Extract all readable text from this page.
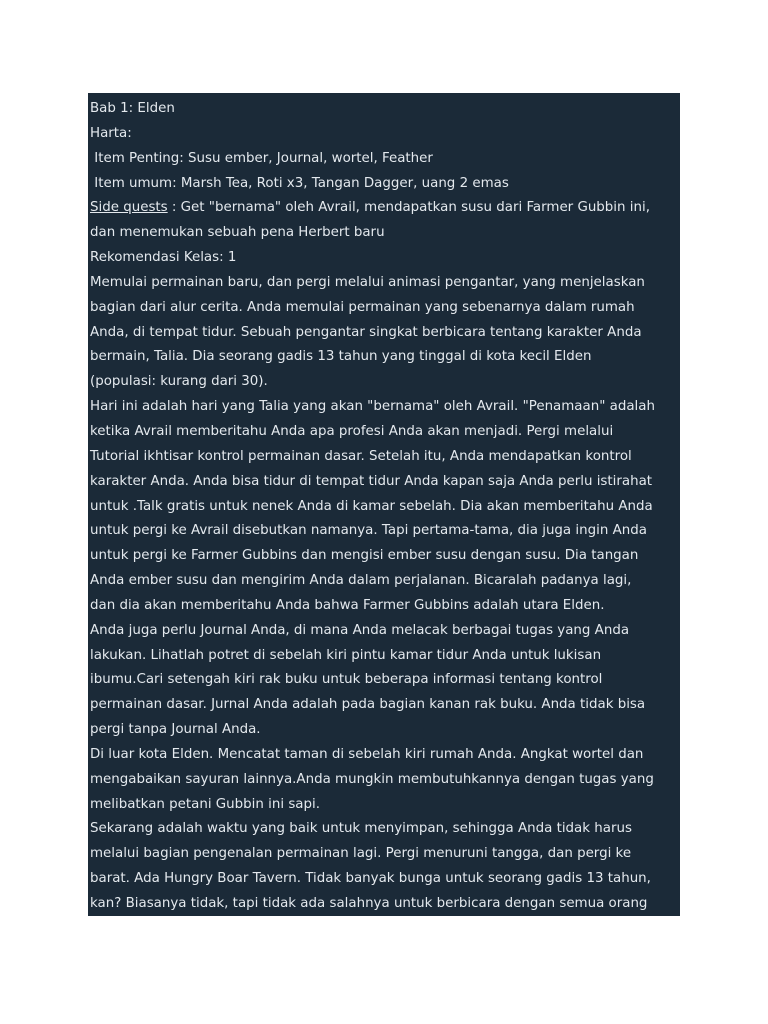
Bab 1: Elden
Harta:
Item Penting: Susu ember, Journal, wortel, Feather
Item umum: Marsh Tea, Roti x3, Tangan Dagger, uang 2 emas
Side quests : Get "bernama" oleh Avrail, mendapatkan susu dari Farmer Gubbin ini,
dan menemukan sebuah pena Herbert baru
Rekomendasi Kelas: 1
Memulai permainan baru, dan pergi melalui animasi pengantar, yang menjelaskan
bagian dari alur cerita. Anda memulai permainan yang sebenarnya dalam rumah
Anda, di tempat tidur. Sebuah pengantar singkat berbicara tentang karakter Anda
bermain, Talia. Dia seorang gadis 13 tahun yang tinggal di kota kecil Elden
(populasi: kurang dari 30).
Hari ini adalah hari yang Talia yang akan "bernama" oleh Avrail. "Penamaan" adalah
ketika Avrail memberitahu Anda apa profesi Anda akan menjadi. Pergi melalui
Tutorial ikhtisar kontrol permainan dasar. Setelah itu, Anda mendapatkan kontrol
karakter Anda. Anda bisa tidur di tempat tidur Anda kapan saja Anda perlu istirahat
untuk .Talk gratis untuk nenek Anda di kamar sebelah. Dia akan memberitahu Anda
untuk pergi ke Avrail disebutkan namanya. Tapi pertama-tama, dia juga ingin Anda
untuk pergi ke Farmer Gubbins dan mengisi ember susu dengan susu. Dia tangan
Anda ember susu dan mengirim Anda dalam perjalanan. Bicaralah padanya lagi,
dan dia akan memberitahu Anda bahwa Farmer Gubbins adalah utara Elden.
Anda juga perlu Journal Anda, di mana Anda melacak berbagai tugas yang Anda
lakukan. Lihatlah potret di sebelah kiri pintu kamar tidur Anda untuk lukisan
ibumu.Cari setengah kiri rak buku untuk beberapa informasi tentang kontrol
permainan dasar. Jurnal Anda adalah pada bagian kanan rak buku. Anda tidak bisa
pergi tanpa Journal Anda.
Di luar kota Elden. Mencatat taman di sebelah kiri rumah Anda. Angkat wortel dan
mengabaikan sayuran lainnya.Anda mungkin membutuhkannya dengan tugas yang
melibatkan petani Gubbin ini sapi.
Sekarang adalah waktu yang baik untuk menyimpan, sehingga Anda tidak harus
melalui bagian pengenalan permainan lagi. Pergi menuruni tangga, dan pergi ke
barat. Ada Hungry Boar Tavern. Tidak banyak bunga untuk seorang gadis 13 tahun,
kan? Biasanya tidak, tapi tidak ada salahnya untuk berbicara dengan semua orang
